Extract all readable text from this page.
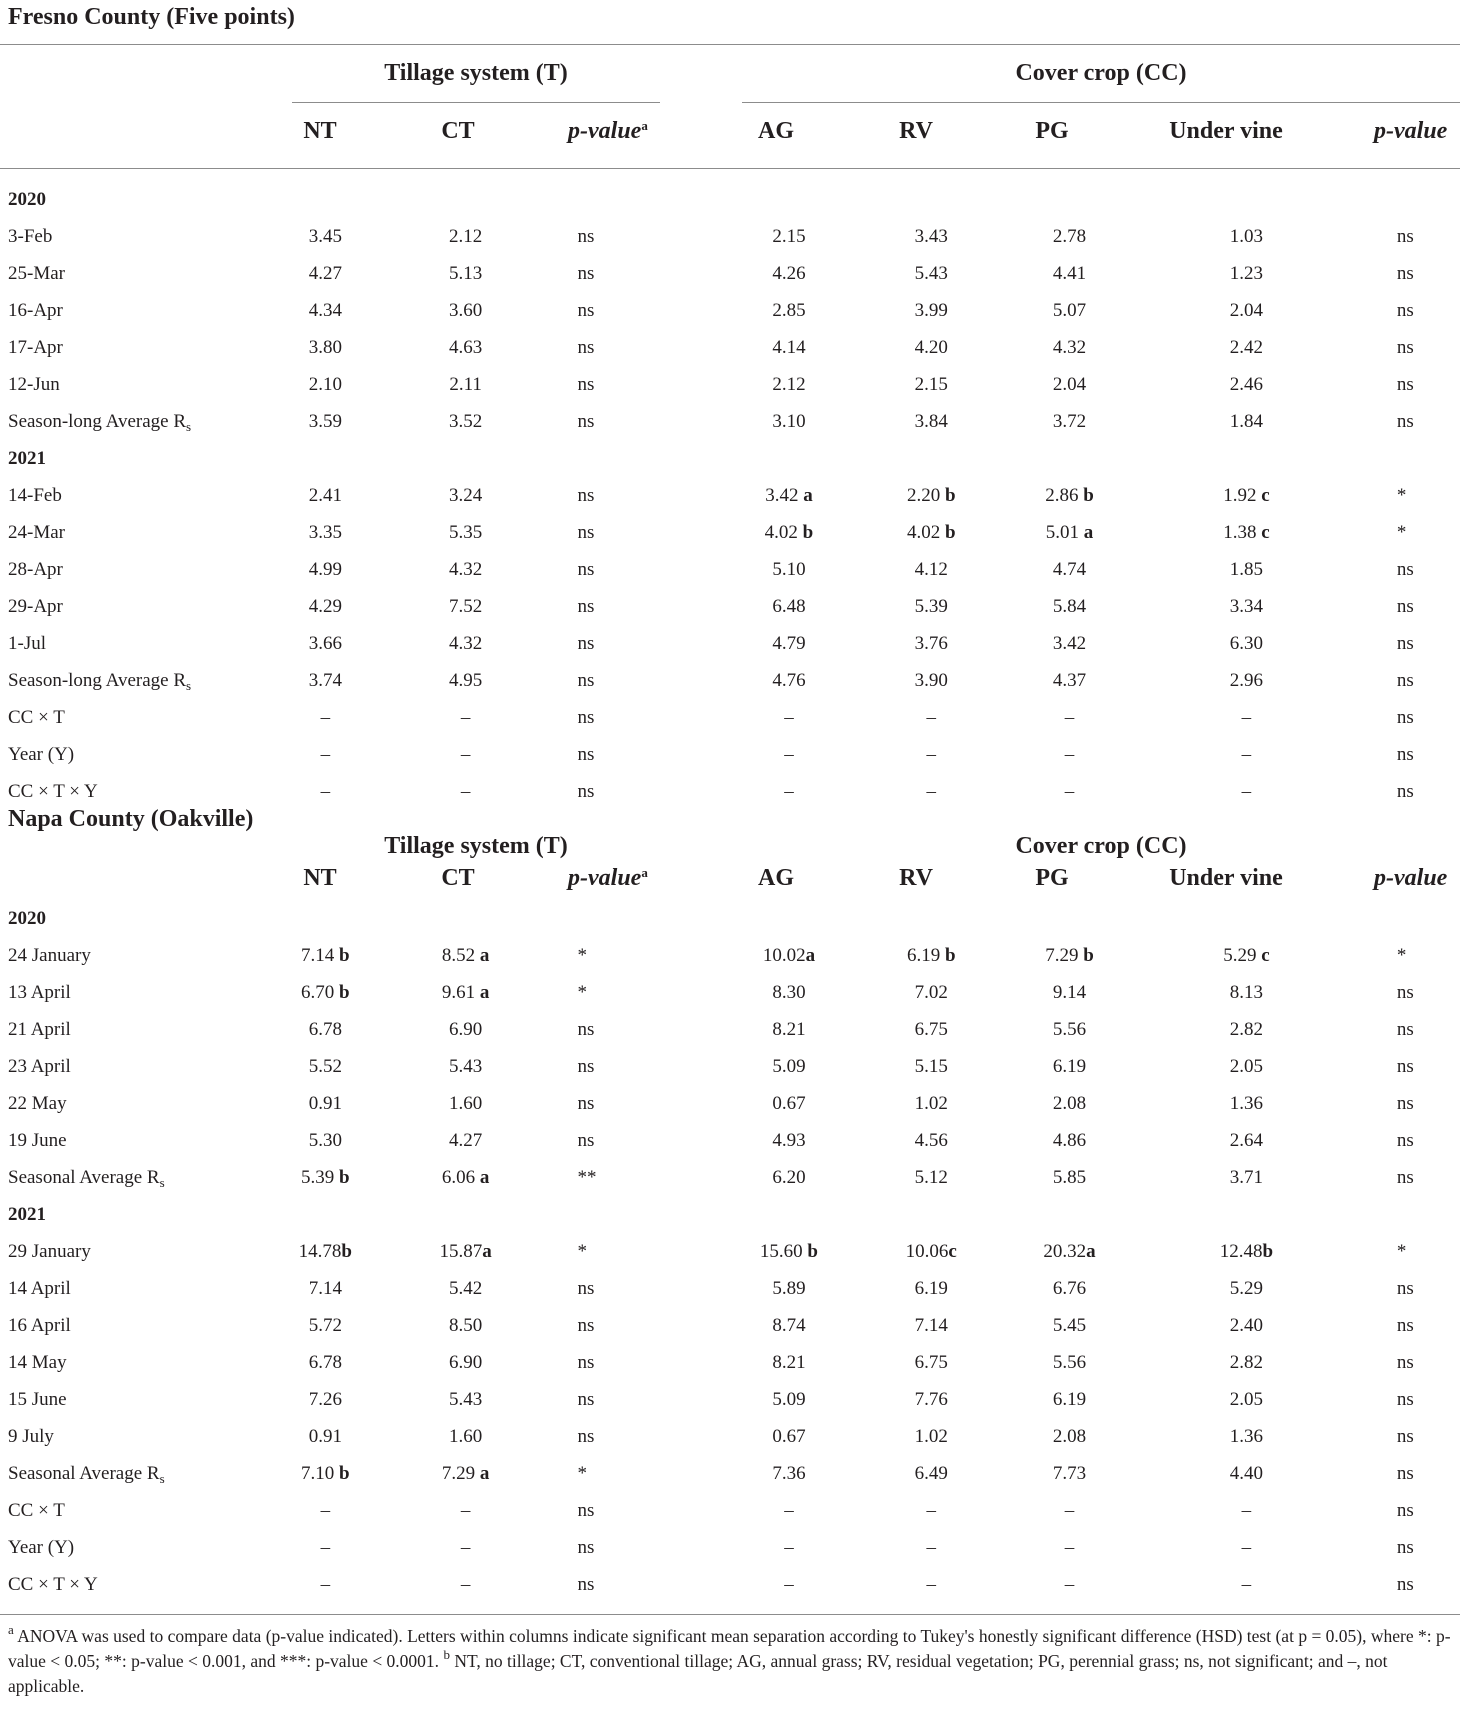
Fresno County (Five points)
Tillage system (T)	Cover crop (CC)
NT	CT	p-value$^a$	AG	RV	PG	Under vine	p-value
2020														
3-Feb	3.45		2.12		ns	2.15		3.43		2.78		1.03		ns
25-Mar	4.27		5.13		ns	4.26		5.43		4.41		1.23		ns
16-Apr	4.34		3.60		ns	2.85		3.99		5.07		2.04		ns
17-Apr	3.80		4.63		ns	4.14		4.20		4.32		2.42		ns
12-Jun	2.10		2.11		ns	2.12		2.15		2.04		2.46		ns
Season-long Average $R_s$	3.59		3.52		ns	3.10		3.84		3.72		1.84		ns
2021														
14-Feb	2.41		3.24		ns	3.42 a		2.20 b		2.86 b		1.92 c		*
24-Mar	3.35		5.35		ns	4.02 b		4.02 b		5.01 a		1.38 c		*
28-Apr	4.99		4.32		ns	5.10		4.12		4.74		1.85		ns
29-Apr	4.29		7.52		ns	6.48		5.39		5.84		3.34		ns
1-Jul	3.66		4.32		ns	4.79		3.76		3.42		6.30		ns
Season-long Average $R_s$	3.74		4.95		ns	4.76		3.90		4.37		2.96		ns
CC × T	–		–		ns	–		–		–		–		ns
Year (Y)	–		–		ns	–		–		–		–		ns
CC × T × Y	–		–		ns	–		–		–		–		ns
Napa County (Oakville)
Tillage system (T)	Cover crop (CC)
NT	CT	p-value$^a$	AG	RV	PG	Under vine	p-value
2020														
24 January	7.14 b		8.52 a		*	10.02a		6.19 b		7.29 b		5.29 c		*
13 April	6.70 b		9.61 a		*	8.30		7.02		9.14		8.13		ns
21 April	6.78		6.90		ns	8.21		6.75		5.56		2.82		ns
23 April	5.52		5.43		ns	5.09		5.15		6.19		2.05		ns
22 May	0.91		1.60		ns	0.67		1.02		2.08		1.36		ns
19 June	5.30		4.27		ns	4.93		4.56		4.86		2.64		ns
Seasonal Average $R_s$	5.39 b		6.06 a		**	6.20		5.12		5.85		3.71		ns
2021														
29 January	14.78b		15.87a		*	15.60 b		10.06c		20.32a		12.48b		*
14 April	7.14		5.42		ns	5.89		6.19		6.76		5.29		ns
16 April	5.72		8.50		ns	8.74		7.14		5.45		2.40		ns
14 May	6.78		6.90		ns	8.21		6.75		5.56		2.82		ns
15 June	7.26		5.43		ns	5.09		7.76		6.19		2.05		ns
9 July	0.91		1.60		ns	0.67		1.02		2.08		1.36		ns
Seasonal Average $R_s$	7.10 b		7.29 a		*	7.36		6.49		7.73		4.40		ns
CC × T	–		–		ns	–		–		–		–		ns
Year (Y)	–		–		ns	–		–		–		–		ns
CC × T × Y	–		–		ns	–		–		–		–		ns
$^a$ ANOVA was used to compare data (p-value indicated). Letters within columns indicate significant mean separation according to Tukey's honestly significant difference (HSD) test (at p = 0.05), where *: p-value < 0.05; **: p-value < 0.001, and ***: p-value < 0.0001. $^b$ NT, no tillage; CT, conventional tillage; AG, annual grass; RV, residual vegetation; PG, perennial grass; ns, not significant; and –, not applicable.
